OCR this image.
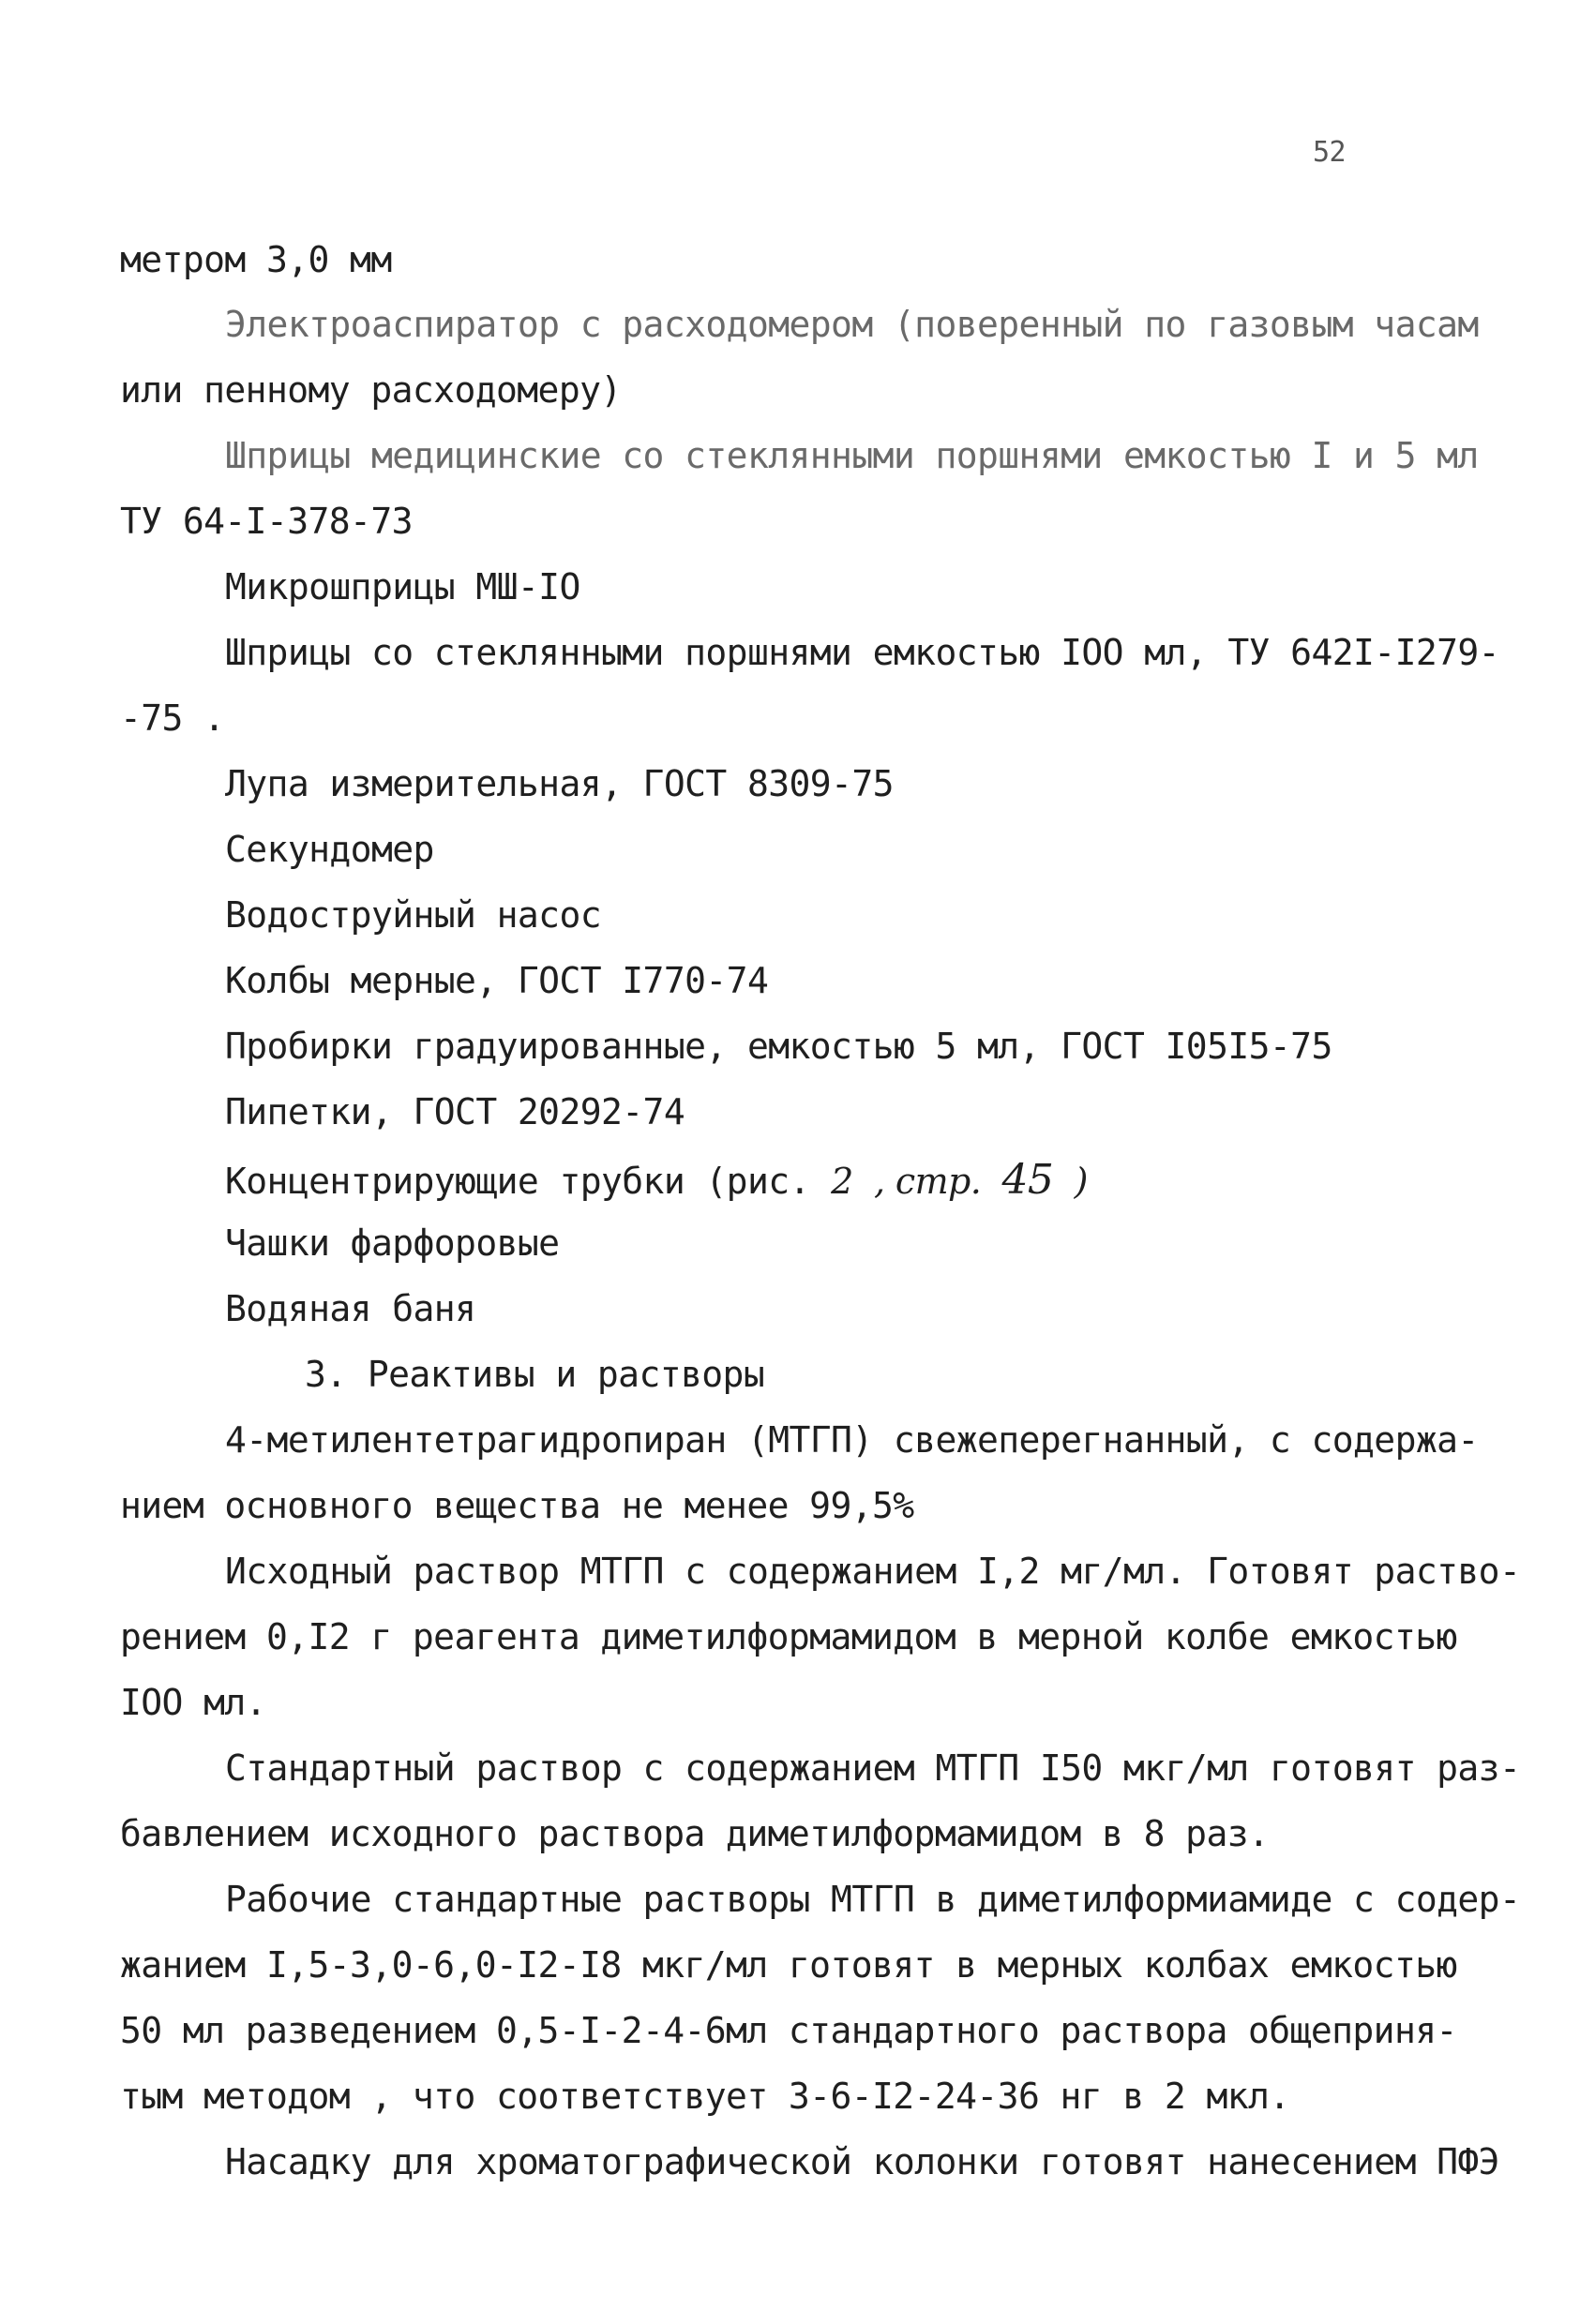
52
метром 3,0 мм
Электроаспиратор с расходомером (поверенный по газовым часам
или пенному расходомеру)
Шприцы медицинские со стеклянными поршнями емкостью I и 5 мл
ТУ 64-I-378-73
Микрошприцы МШ-IO
Шприцы со стеклянными поршнями емкостью IOO мл, ТУ 642I-I279-
-75 .
Лупа измерительная, ГОСТ 8309-75
Секундомер
Водоструйный насос
Колбы мерные, ГОСТ I770-74
Пробирки градуированные, емкостью 5 мл, ГОСТ I05I5-75
Пипетки, ГОСТ 20292-74
Концентрирующие трубки (рис. 2 , стр. 45 )
Чашки фарфоровые
Водяная баня
3. Реактивы и растворы
4-метилентетрагидропиран (МТГП) свежеперегнанный, с содержа-
нием основного вещества не менее 99,5%
Исходный раствор МТГП с содержанием I,2 мг/мл. Готовят раство-
рением 0,I2 г реагента диметилформамидом в мерной колбе емкостью
IOO мл.
Стандартный раствор с содержанием МТГП I50 мкг/мл готовят раз-
бавлением исходного раствора диметилформамидом в 8 раз.
Рабочие стандартные растворы МТГП в диметилформиамиде с содер-
жанием I,5-3,0-6,0-I2-I8 мкг/мл готовят в мерных колбах емкостью
50 мл разведением 0,5-I-2-4-6мл стандартного раствора общеприня-
тым методом , что соответствует 3-6-I2-24-36 нг в 2 мкл.
Насадку для хроматографической колонки готовят нанесением ПФЭ
